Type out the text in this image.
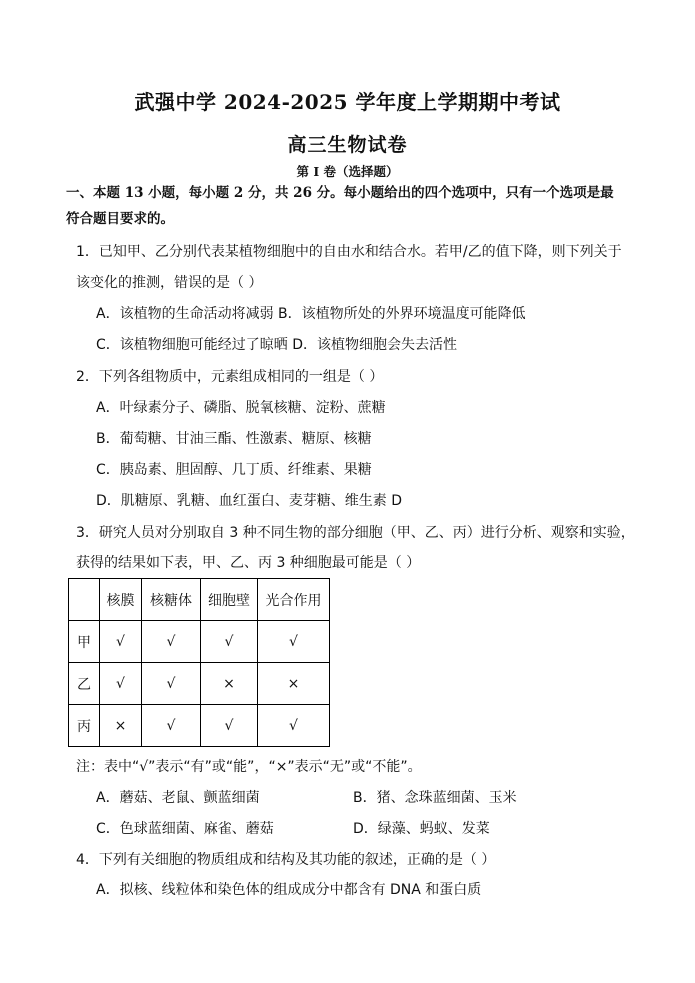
武强中学 2024-2025 学年度上学期期中考试
高三生物试卷
第 I 卷（选择题）
一、本题 13 小题，每小题 2 分，共 26 分。每小题给出的四个选项中，只有一个选项是最
符合题目要求的。
1．已知甲、乙分别代表某植物细胞中的自由水和结合水。若甲/乙的值下降，则下列关于
该变化的推测，错误的是（ ）
A．该植物的生命活动将减弱 B．该植物所处的外界环境温度可能降低
C．该植物细胞可能经过了晾晒 D．该植物细胞会失去活性
2．下列各组物质中，元素组成相同的一组是（ ）
A．叶绿素分子、磷脂、脱氧核糖、淀粉、蔗糖
B．葡萄糖、甘油三酯、性激素、糖原、核糖
C．胰岛素、胆固醇、几丁质、纤维素、果糖
D．肌糖原、乳糖、血红蛋白、麦芽糖、维生素 D
3．研究人员对分别取自 3 种不同生物的部分细胞（甲、乙、丙）进行分析、观察和实验，
获得的结果如下表，甲、乙、丙 3 种细胞最可能是（ ）
	核膜	核糖体	细胞壁	光合作用
甲	√	√	√	√
乙	√	√	×	×
丙	×	√	√	√
注：表中“√”表示“有”或“能”，“×”表示“无”或“不能”。
A．蘑菇、老鼠、颤蓝细菌	B．猪、念珠蓝细菌、玉米
C．色球蓝细菌、麻雀、蘑菇	D．绿藻、蚂蚁、发菜
4．下列有关细胞的物质组成和结构及其功能的叙述，正确的是（ ）
A．拟核、线粒体和染色体的组成成分中都含有 DNA 和蛋白质
